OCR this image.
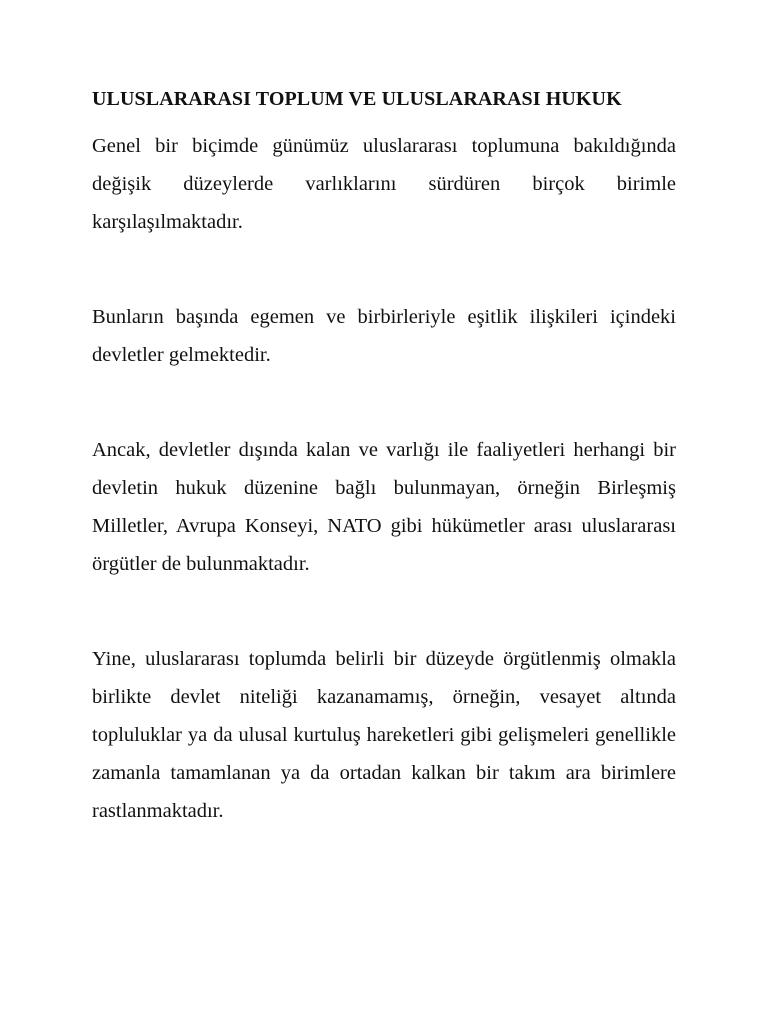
ULUSLARARASI TOPLUM VE ULUSLARARASI HUKUK

Genel bir biçimde günümüz uluslararası toplumuna bakıldığında değişik düzeylerde varlıklarını sürdüren birçok birimle karşılaşılmaktadır.

Bunların başında egemen ve birbirleriyle eşitlik ilişkileri içindeki devletler gelmektedir.

Ancak, devletler dışında kalan ve varlığı ile faaliyetleri herhangi bir devletin hukuk düzenine bağlı bulunmayan, örneğin Birleşmiş Milletler, Avrupa Konseyi, NATO gibi hükümetler arası uluslararası örgütler de bulunmaktadır.

Yine, uluslararası toplumda belirli bir düzeyde örgütlenmiş olmakla birlikte devlet niteliği kazanamamış, örneğin, vesayet altında topluluklar ya da ulusal kurtuluş hareketleri gibi gelişmeleri genellikle zamanla tamamlanan ya da ortadan kalkan bir takım ara birimlere rastlanmaktadır.
